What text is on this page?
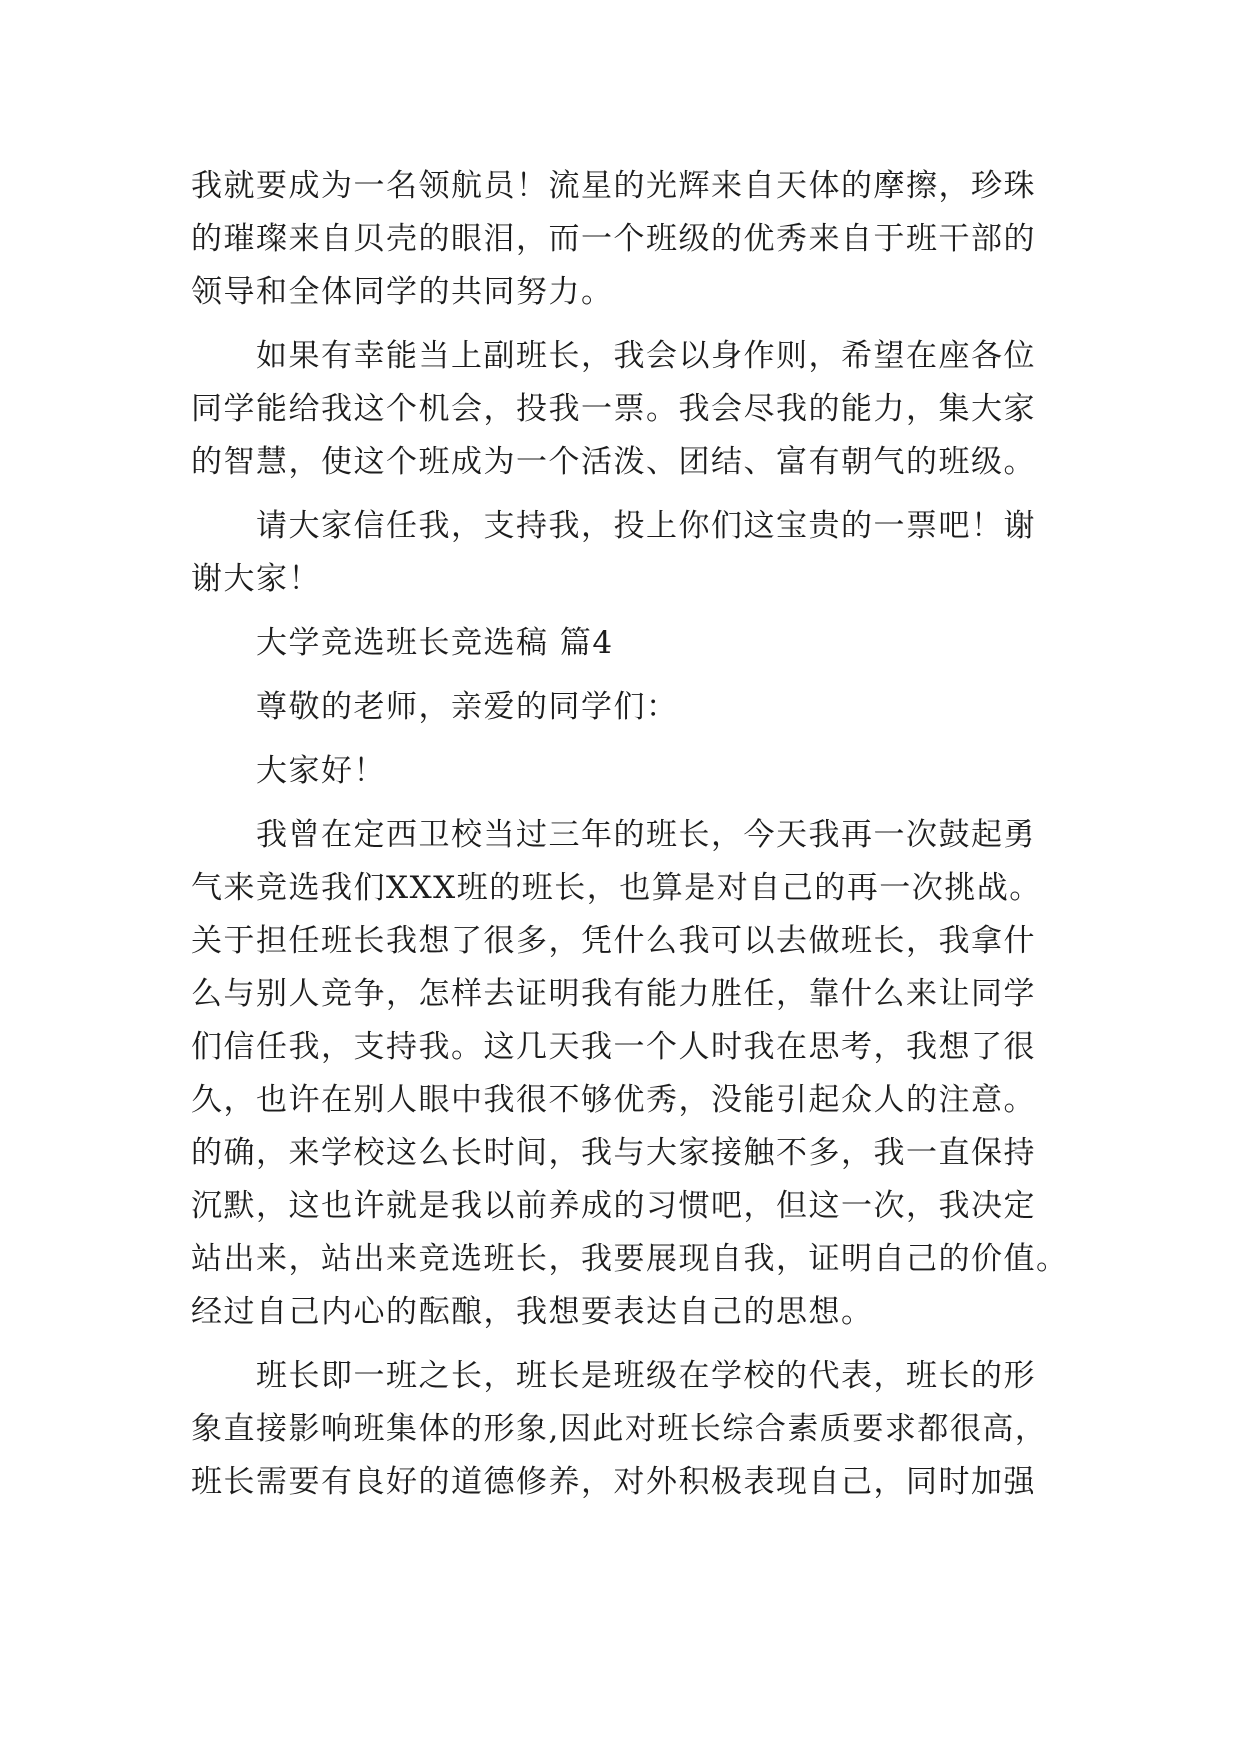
我就要成为一名领航员！流星的光辉来自天体的摩擦，珍珠
的璀璨来自贝壳的眼泪，而一个班级的优秀来自于班干部的
领导和全体同学的共同努力。
如果有幸能当上副班长，我会以身作则，希望在座各位
同学能给我这个机会，投我一票。我会尽我的能力，集大家
的智慧，使这个班成为一个活泼、团结、富有朝气的班级。
请大家信任我，支持我，投上你们这宝贵的一票吧！谢
谢大家！
大学竞选班长竞选稿 篇4
尊敬的老师，亲爱的同学们：
大家好！
我曾在定西卫校当过三年的班长，今天我再一次鼓起勇
气来竞选我们XXX班的班长，也算是对自己的再一次挑战。
关于担任班长我想了很多，凭什么我可以去做班长，我拿什
么与别人竞争，怎样去证明我有能力胜任，靠什么来让同学
们信任我，支持我。这几天我一个人时我在思考，我想了很
久，也许在别人眼中我很不够优秀，没能引起众人的注意。
的确，来学校这么长时间，我与大家接触不多，我一直保持
沉默，这也许就是我以前养成的习惯吧，但这一次，我决定
站出来，站出来竞选班长，我要展现自我，证明自己的价值。
经过自己内心的酝酿，我想要表达自己的思想。
班长即一班之长，班长是班级在学校的代表，班长的形
象直接影响班集体的形象,因此对班长综合素质要求都很高，
班长需要有良好的道德修养，对外积极表现自己，同时加强
